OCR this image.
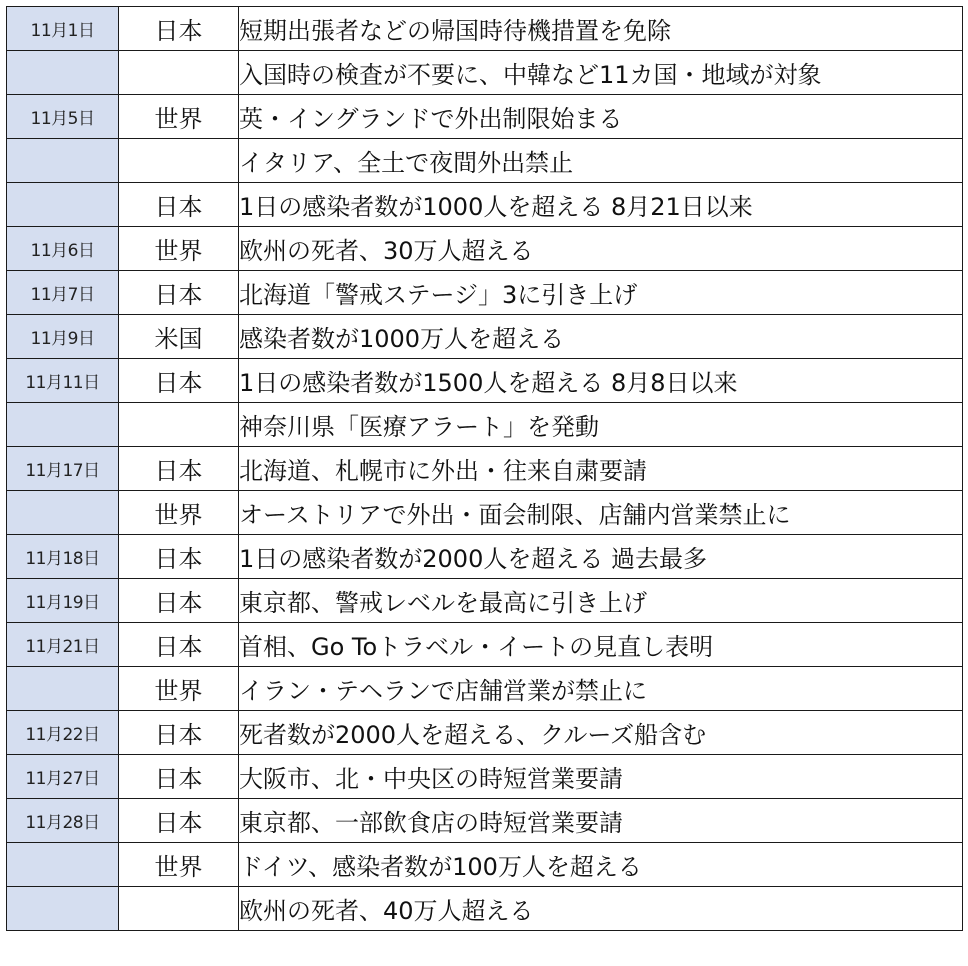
11月1日	日本	短期出張者などの帰国時待機措置を免除
		入国時の検査が不要に、中韓など11カ国・地域が対象
11月5日	世界	英・イングランドで外出制限始まる
		イタリア、全土で夜間外出禁止
	日本	1日の感染者数が1000人を超える 8月21日以来
11月6日	世界	欧州の死者、30万人超える
11月7日	日本	北海道「警戒ステージ」3に引き上げ
11月9日	米国	感染者数が1000万人を超える
11月11日	日本	1日の感染者数が1500人を超える 8月8日以来
		神奈川県「医療アラート」を発動
11月17日	日本	北海道、札幌市に外出・往来自粛要請
	世界	オーストリアで外出・面会制限、店舗内営業禁止に
11月18日	日本	1日の感染者数が2000人を超える 過去最多
11月19日	日本	東京都、警戒レベルを最高に引き上げ
11月21日	日本	首相、Go Toトラベル・イートの見直し表明
	世界	イラン・テヘランで店舗営業が禁止に
11月22日	日本	死者数が2000人を超える、クルーズ船含む
11月27日	日本	大阪市、北・中央区の時短営業要請
11月28日	日本	東京都、一部飲食店の時短営業要請
	世界	ドイツ、感染者数が100万人を超える
		欧州の死者、40万人超える
